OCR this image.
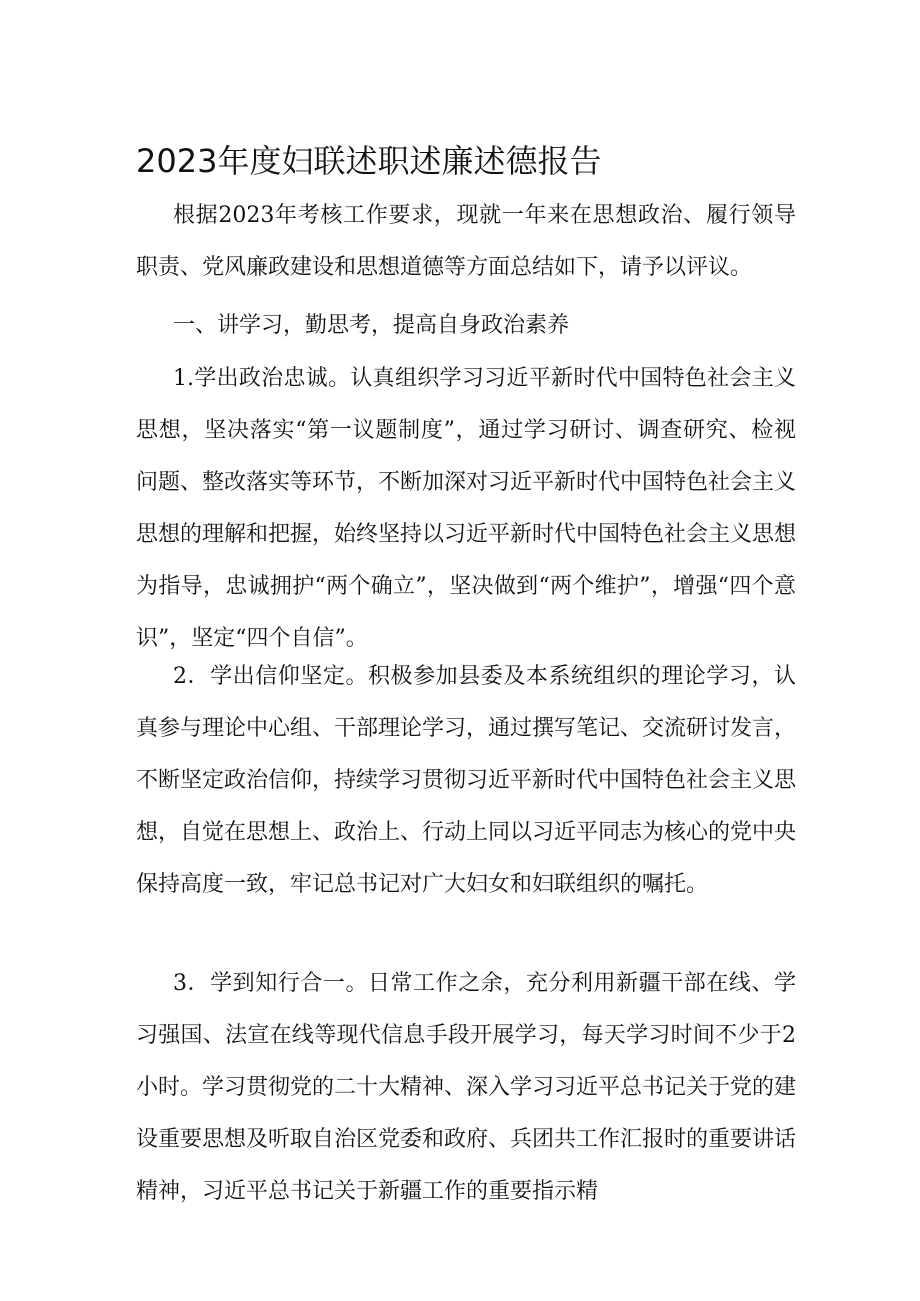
2023年度妇联述职述廉述德报告

根据2023年考核工作要求，现就一年来在思想政治、履行领导职责、党风廉政建设和思想道德等方面总结如下，请予以评议。

一、讲学习，勤思考，提高自身政治素养

1.学出政治忠诚。认真组织学习习近平新时代中国特色社会主义思想，坚决落实“第一议题制度”，通过学习研讨、调查研究、检视问题、整改落实等环节，不断加深对习近平新时代中国特色社会主义思想的理解和把握，始终坚持以习近平新时代中国特色社会主义思想为指导，忠诚拥护“两个确立”，坚决做到“两个维护”，增强“四个意识”，坚定“四个自信”。

2．学出信仰坚定。积极参加县委及本系统组织的理论学习，认真参与理论中心组、干部理论学习，通过撰写笔记、交流研讨发言，不断坚定政治信仰，持续学习贯彻习近平新时代中国特色社会主义思想，自觉在思想上、政治上、行动上同以习近平同志为核心的党中央保持高度一致，牢记总书记对广大妇女和妇联组织的嘱托。

3．学到知行合一。日常工作之余，充分利用新疆干部在线、学习强国、法宣在线等现代信息手段开展学习，每天学习时间不少于2小时。学习贯彻党的二十大精神、深入学习习近平总书记关于党的建设重要思想及听取自治区党委和政府、兵团共工作汇报时的重要讲话精神，习近平总书记关于新疆工作的重要指示精
